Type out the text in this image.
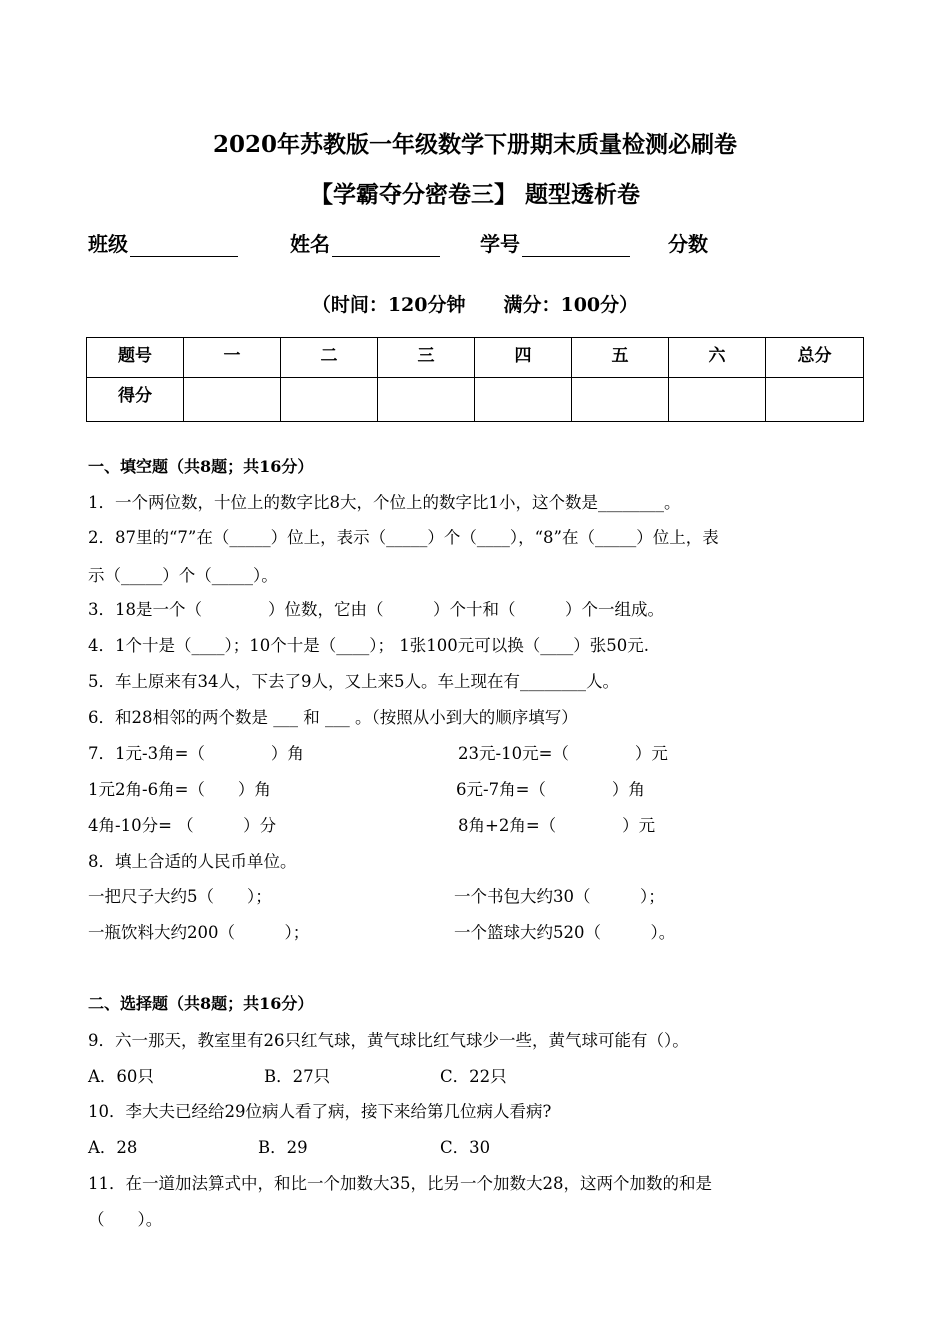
2020年苏教版一年级数学下册期末质量检测必刷卷
【学霸夺分密卷三】 题型透析卷
班级	姓名	学号	分数
（时间：120分钟　　满分：100分）
题号	一	二	三	四	五	六	总分
得分							
一、填空题（共8题；共16分）
1．一个两位数，十位上的数字比8大，个位上的数字比1小，这个数是________。
2．87里的“7”在（_____）位上，表示（_____）个（____），“8”在（_____）位上，表
示（_____）个（_____）。
3．18是一个（　　　　）位数，它由（　　　）个十和（　　　）个一组成。
4．1个十是（____）；10个十是（____）； 1张100元可以换（____）张50元.
5．车上原来有34人，下去了9人，又上来5人。车上现在有________人。
6．和28相邻的两个数是 ___ 和 ___ 。（按照从小到大的顺序填写）
7．1元-3角=（　　　　）角	23元-10元=（　　　　）元
1元2角-6角=（　　）角	6元-7角=（　　　　）角
4角-10分= （　　　）分	8角+2角=（　　　　）元
8．填上合适的人民币单位。
一把尺子大约5（　　）；	一个书包大约30（　　　）；
一瓶饮料大约200（　　　）；	一个篮球大约520（　　　）。
二、选择题（共8题；共16分）
9．六一那天，教室里有26只红气球，黄气球比红气球少一些，黄气球可能有（）。
A．60只	B．27只	C．22只
10．李大夫已经给29位病人看了病，接下来给第几位病人看病?
A．28	B．29	C．30
11．在一道加法算式中，和比一个加数大35，比另一个加数大28，这两个加数的和是
（　　）。
